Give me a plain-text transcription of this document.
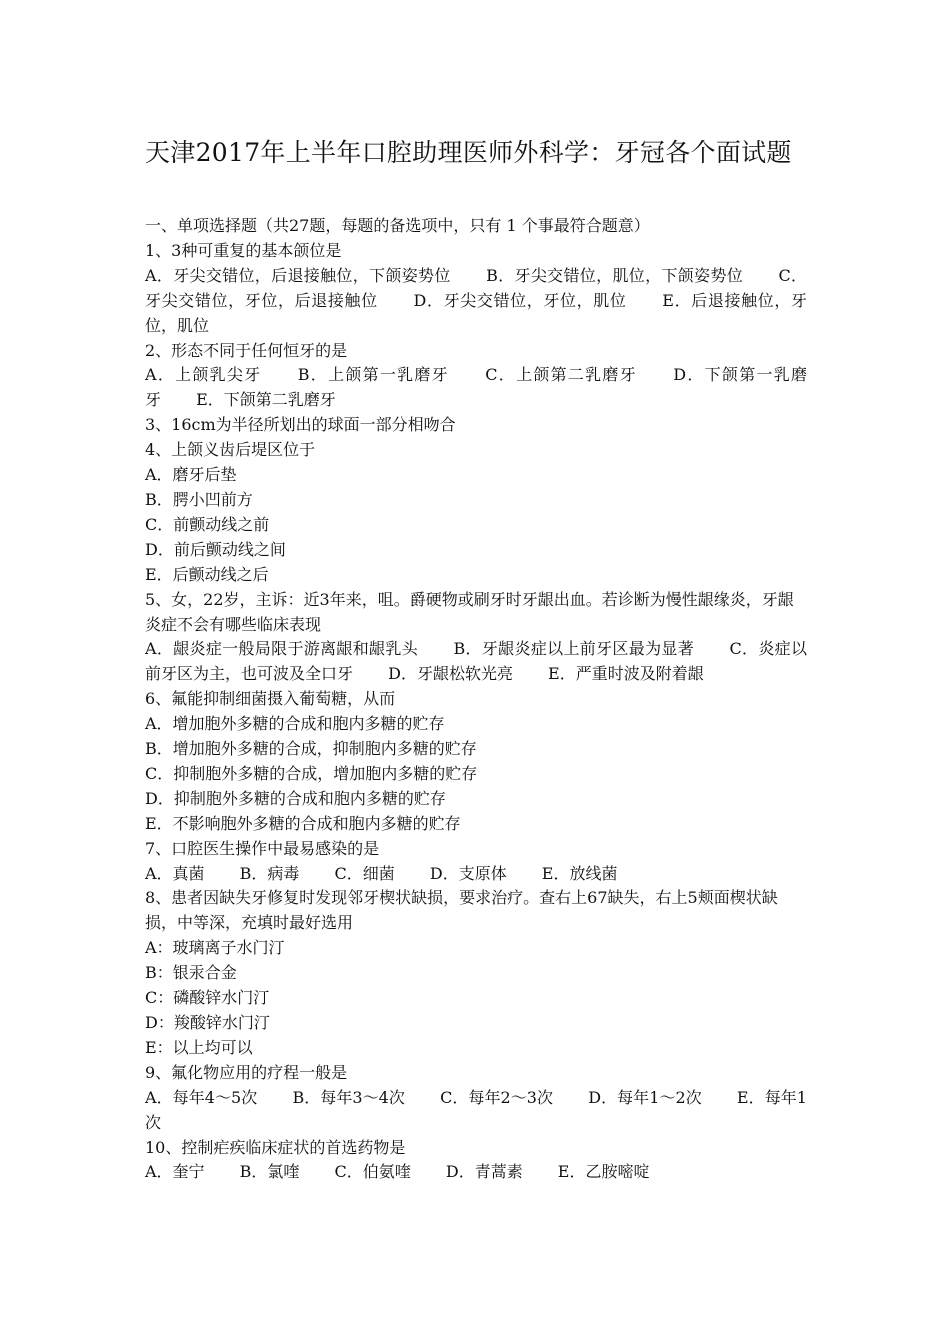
天津2017年上半年口腔助理医师外科学：牙冠各个面试题
一、单项选择题（共27题，每题的备选项中，只有 1 个事最符合题意）
1、3种可重复的基本颌位是
A．牙尖交错位，后退接触位，下颌姿势位 B．牙尖交错位，肌位，下颌姿势位 C．牙尖交错位，牙位，后退接触位 D．牙尖交错位，牙位，肌位 E．后退接触位，牙位，肌位
2、形态不同于任何恒牙的是
A．上颌乳尖牙 B．上颌第一乳磨牙 C．上颌第二乳磨牙 D．下颌第一乳磨牙 E．下颌第二乳磨牙
3、16cm为半径所划出的球面一部分相吻合
4、上颌义齿后堤区位于
A．磨牙后垫
B．腭小凹前方
C．前颤动线之前
D．前后颤动线之间
E．后颤动线之后
5、女，22岁，主诉：近3年来，咀。爵硬物或刷牙时牙龈出血。若诊断为慢性龈缘炎，牙龈炎症不会有哪些临床表现
A．龈炎症一般局限于游离龈和龈乳头 B．牙龈炎症以上前牙区最为显著 C．炎症以前牙区为主，也可波及全口牙 D．牙龈松软光亮 E．严重时波及附着龈
6、氟能抑制细菌摄入葡萄糖，从而
A．增加胞外多糖的合成和胞内多糖的贮存
B．增加胞外多糖的合成，抑制胞内多糖的贮存
C．抑制胞外多糖的合成，增加胞内多糖的贮存
D．抑制胞外多糖的合成和胞内多糖的贮存
E．不影响胞外多糖的合成和胞内多糖的贮存
7、口腔医生操作中最易感染的是
A．真菌 B．病毒 C．细菌 D．支原体 E．放线菌
8、患者因缺失牙修复时发现邻牙楔状缺损，要求治疗。查右上67缺失，右上5颊面楔状缺损，中等深，充填时最好选用
A：玻璃离子水门汀
B：银汞合金
C：磷酸锌水门汀
D：羧酸锌水门汀
E：以上均可以
9、氟化物应用的疗程一般是
A．每年4～5次 B．每年3～4次 C．每年2～3次 D．每年1～2次 E．每年1次
10、控制疟疾临床症状的首选药物是
A．奎宁 B．氯喹 C．伯氨喹 D．青蒿素 E．乙胺嘧啶
